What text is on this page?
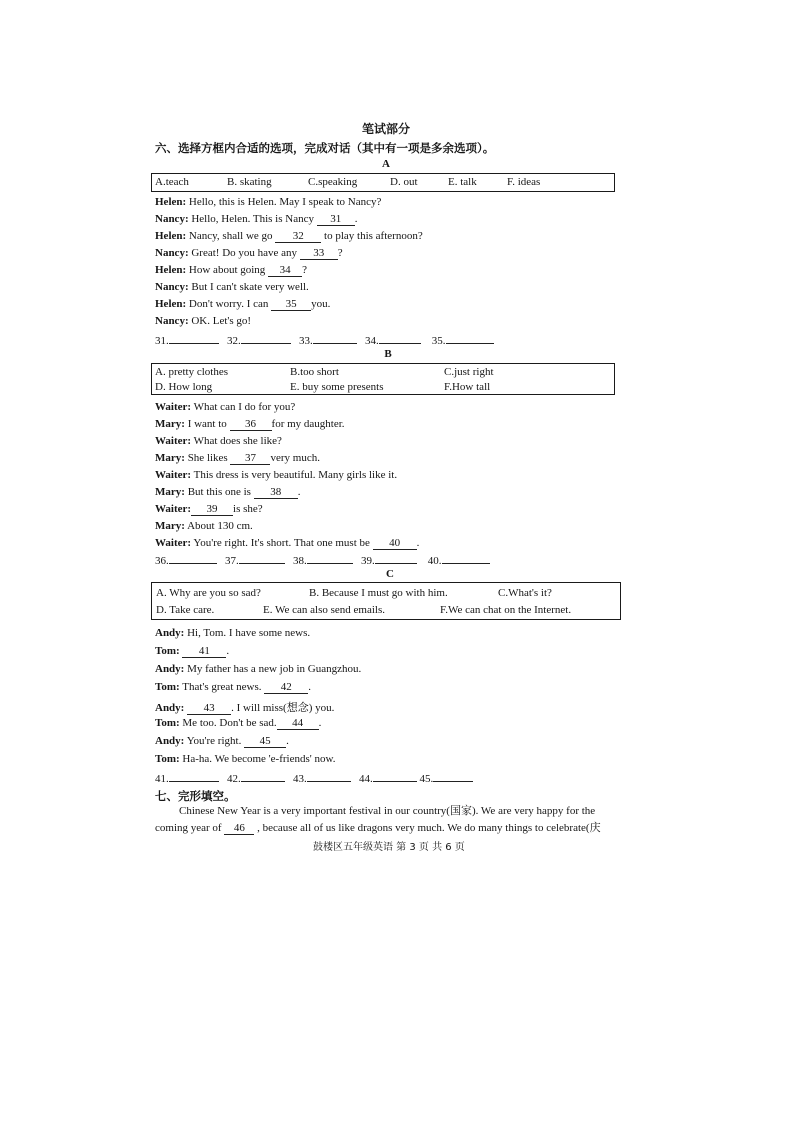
笔试部分
六、选择方框内合适的选项，完成对话（其中有一项是多余选项）。
A
A.teach	B. skating	C.speaking	D. out	E. talk	F. ideas
Helen: Hello, this is Helen. May I speak to Nancy?
Nancy: Hello, Helen. This is Nancy 31 .
Helen: Nancy, shall we go 32 to play this afternoon?
Nancy: Great! Do you have any 33 ?
Helen: How about going 34 ?
Nancy: But I can't skate very well.
Helen: Don't worry. I can 35 you.
Nancy: OK. Let's go!
31.	32.	33.	34.	35.
B
A. pretty clothes	B.too short	C.just right
D. How long	E. buy some presents	F.How tall
Waiter: What can I do for you?
Mary: I want to 36 for my daughter.
Waiter: What does she like?
Mary: She likes 37 very much.
Waiter: This dress is very beautiful. Many girls like it.
Mary: But this one is 38 .
Waiter: 39 is she?
Mary: About 130 cm.
Waiter: You're right. It's short. That one must be 40 .
36.	37.	38.	39.	40.
C
A. Why are you so sad?	B. Because I must go with him.	C.What's it?
D. Take care.	E. We can also send emails.	F.We can chat on the Internet.
Andy: Hi, Tom. I have some news.
Tom: 41 .
Andy: My father has a new job in Guangzhou.
Tom: That's great news. 42 .
Andy: 43 . I will miss(想念) you.
Tom: Me too. Don't be sad. 44 .
Andy: You're right. 45 .
Tom: Ha-ha. We become 'e-friends' now.
41.	42.	43.	44.	45.
七、完形填空。
Chinese New Year is a very important festival in our country(国家). We are very happy for the
coming year of 46 , because all of us like dragons very much. We do many things to celebrate(庆
鼓楼区五年级英语 第 3 页 共 6 页
